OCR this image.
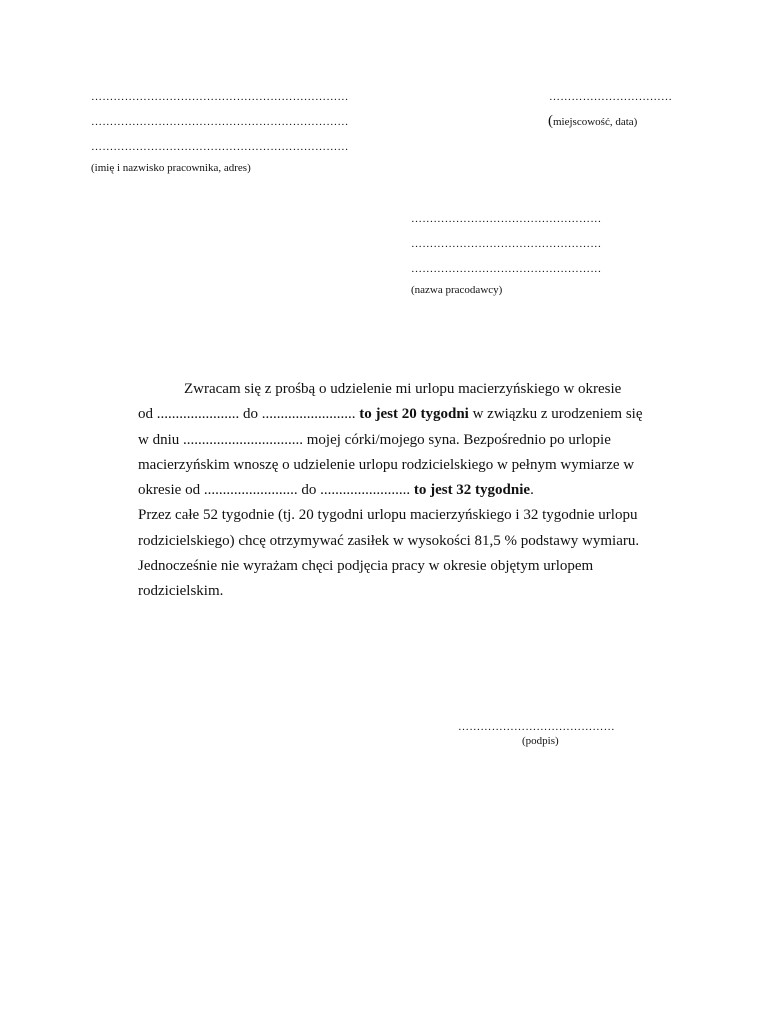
……………………………………………………………
……………………………………………………………
……………………………………………………………
(imię i nazwisko pracownika, adres)
……………………………
(miejscowość, data)
……………………………………………
……………………………………………
……………………………………………
(nazwa pracodawcy)
Zwracam się z prośbą o udzielenie mi urlopu macierzyńskiego w okresie
od ...................... do ......................... to jest 20 tygodni w związku z urodzeniem się
w dniu ................................ mojej córki/mojego syna. Bezpośrednio po urlopie
macierzyńskim wnoszę o udzielenie urlopu rodzicielskiego w pełnym wymiarze w
okresie od ......................... do ........................ to jest 32 tygodnie.
Przez całe 52 tygodnie (tj. 20 tygodni urlopu macierzyńskiego i 32 tygodnie urlopu
rodzicielskiego) chcę otrzymywać zasiłek w wysokości 81,5 % podstawy wymiaru.
Jednocześnie nie wyrażam chęci podjęcia pracy w okresie objętym urlopem
rodzicielskim.
……………………………………
(podpis)
